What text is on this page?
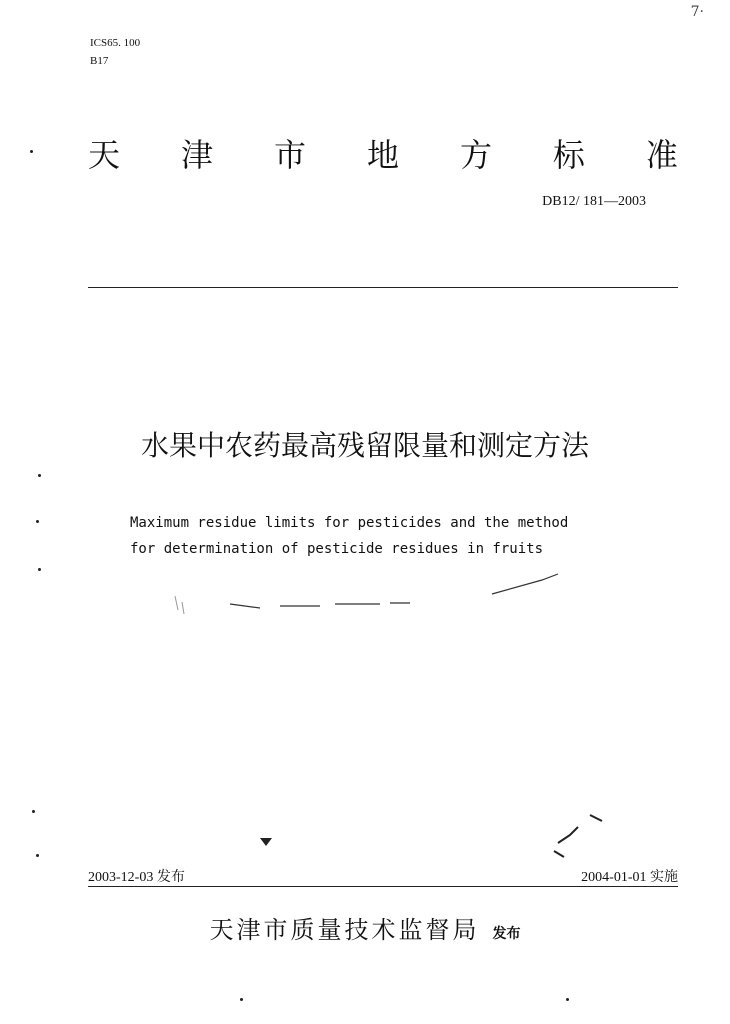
7·
ICS65. 100
B17
天 津 市 地 方 标 准
DB12/ 181—2003
水果中农药最高残留限量和测定方法
Maximum residue limits for pesticides and the method
for determination of pesticide residues in fruits
2003-12-03 发布	2004-01-01 实施
天津市质量技术监督局 发布
